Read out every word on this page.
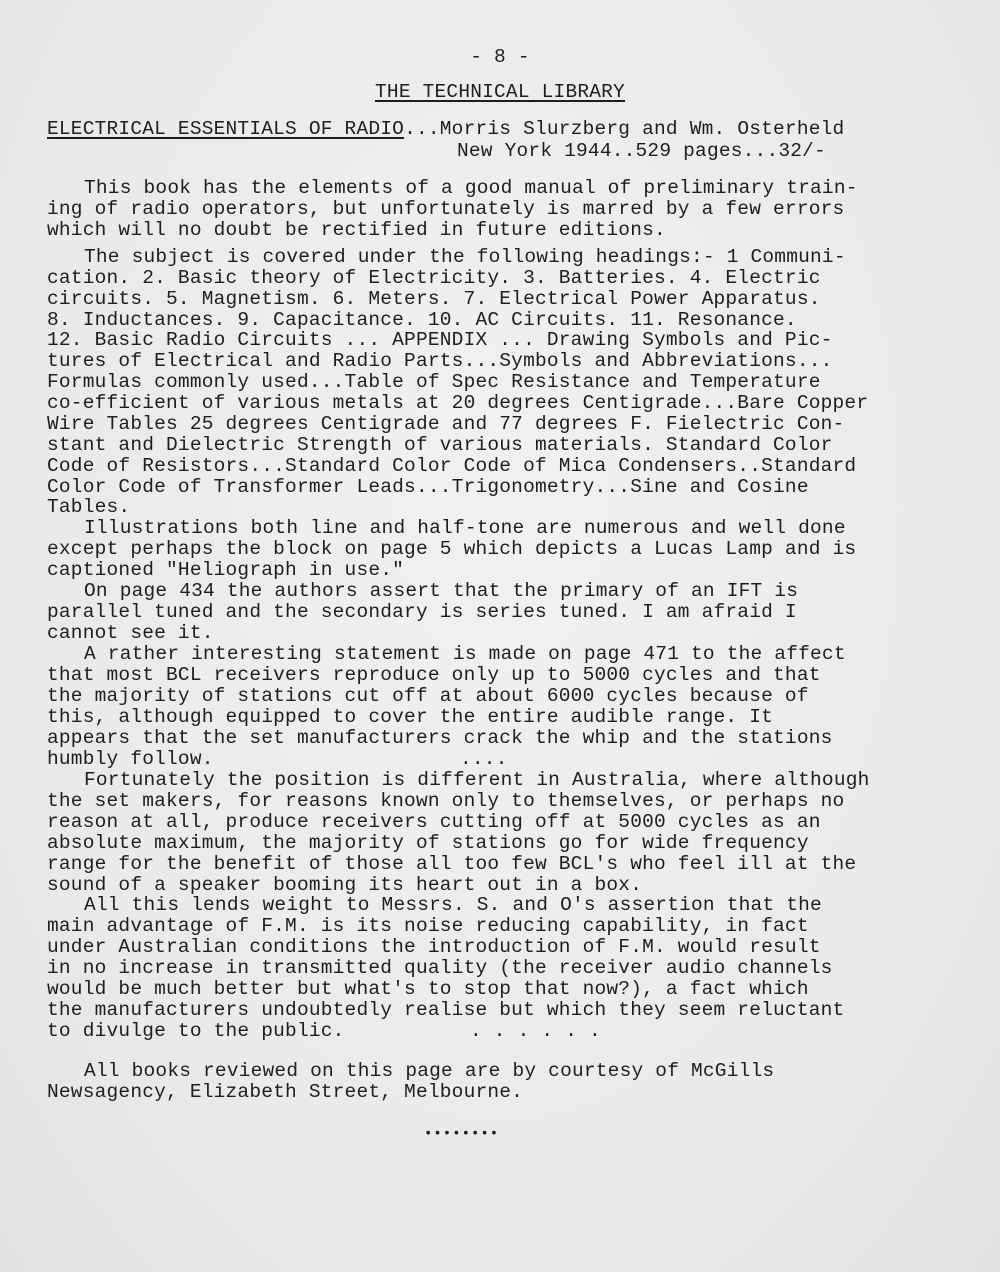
- 8 -
THE TECHNICAL LIBRARY
ELECTRICAL ESSENTIALS OF RADIO...Morris Slurzberg and Wm. Osterheld
New York 1944..529 pages...32/-
This book has the elements of a good manual of preliminary train-
ing of radio operators, but unfortunately is marred by a few errors
which will no doubt be rectified in future editions.
The subject is covered under the following headings:- 1 Communi-
cation. 2. Basic theory of Electricity. 3. Batteries. 4. Electric
circuits. 5. Magnetism. 6. Meters. 7. Electrical Power Apparatus.
8. Inductances. 9. Capacitance. 10. AC Circuits. 11. Resonance.
12. Basic Radio Circuits ... APPENDIX ... Drawing Symbols and Pic-
tures of Electrical and Radio Parts...Symbols and Abbreviations...
Formulas commonly used...Table of Spec Resistance and Temperature
co-efficient of various metals at 20 degrees Centigrade...Bare Copper
Wire Tables 25 degrees Centigrade and 77 degrees F. Fielectric Con-
stant and Dielectric Strength of various materials. Standard Color
Code of Resistors...Standard Color Code of Mica Condensers..Standard
Color Code of Transformer Leads...Trigonometry...Sine and Cosine
Tables.
Illustrations both line and half-tone are numerous and well done
except perhaps the block on page 5 which depicts a Lucas Lamp and is
captioned "Heliograph in use."
On page 434 the authors assert that the primary of an IFT is
parallel tuned and the secondary is series tuned. I am afraid I
cannot see it.
A rather interesting statement is made on page 471 to the affect
that most BCL receivers reproduce only up to 5000 cycles and that
the majority of stations cut off at about 6000 cycles because of
this, although equipped to cover the entire audible range. It
appears that the set manufacturers crack the whip and the stations
humbly follow.	....
Fortunately the position is different in Australia, where although
the set makers, for reasons known only to themselves, or perhaps no
reason at all, produce receivers cutting off at 5000 cycles as an
absolute maximum, the majority of stations go for wide frequency
range for the benefit of those all too few BCL's who feel ill at the
sound of a speaker booming its heart out in a box.
All this lends weight to Messrs. S. and O's assertion that the
main advantage of F.M. is its noise reducing capability, in fact
under Australian conditions the introduction of F.M. would result
in no increase in transmitted quality (the receiver audio channels
would be much better but what's to stop that now?), a fact which
the manufacturers undoubtedly realise but which they seem reluctant
to divulge to the public.	. . . . . .
All books reviewed on this page are by courtesy of McGills
Newsagency, Elizabeth Street, Melbourne.
••••••••
